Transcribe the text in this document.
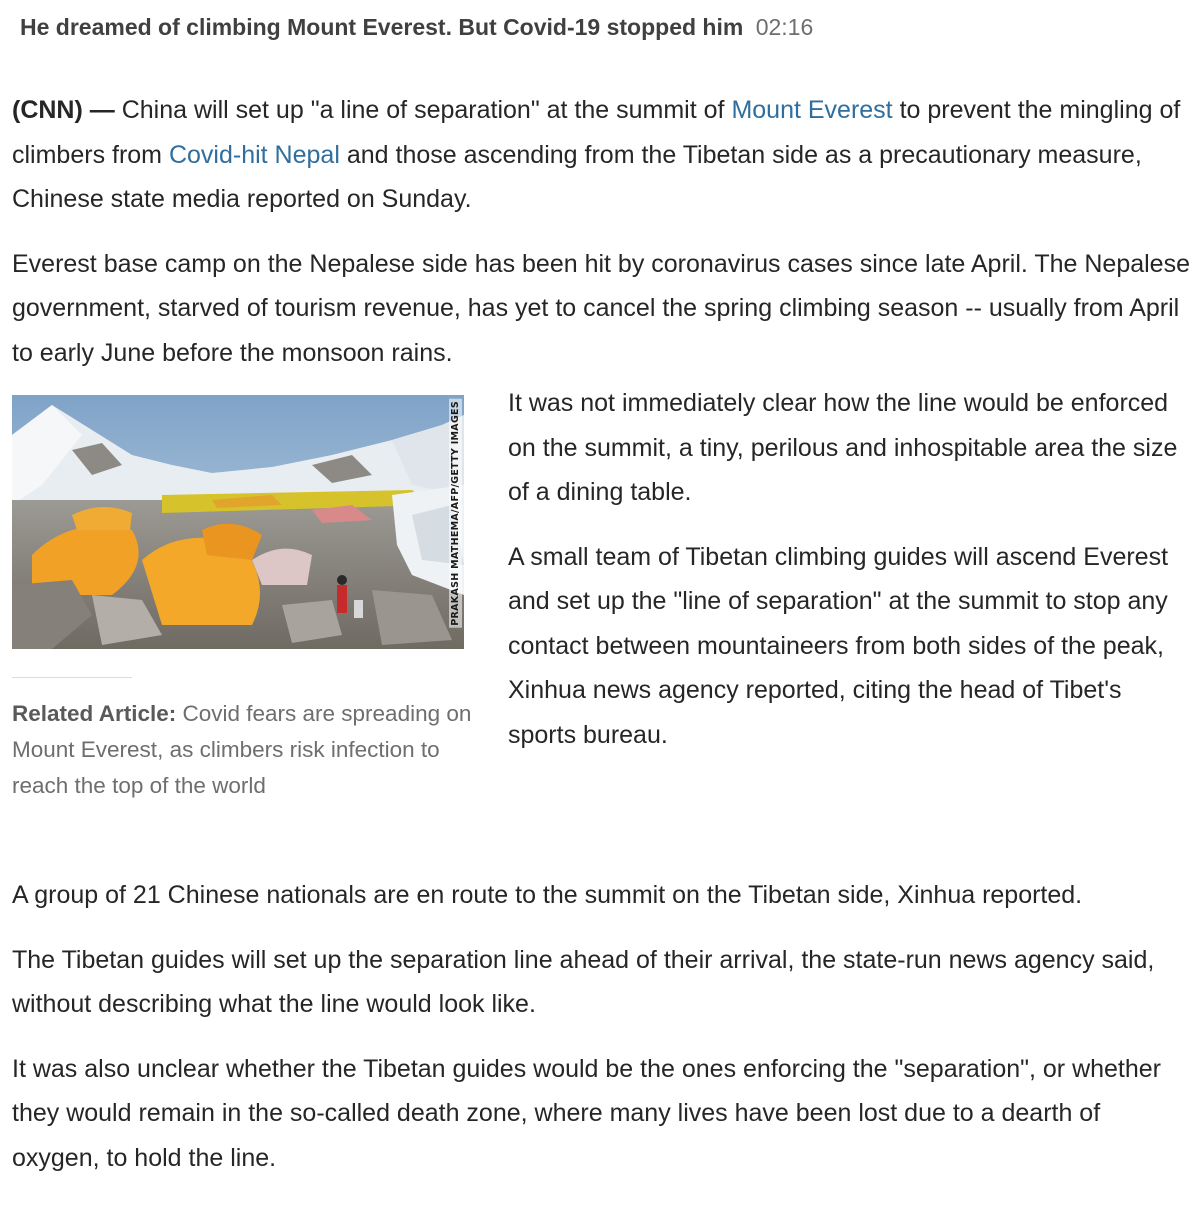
He dreamed of climbing Mount Everest. But Covid-19 stopped him 02:16

(CNN) — China will set up "a line of separation" at the summit of Mount Everest to prevent the mingling of climbers from Covid-hit Nepal and those ascending from the Tibetan side as a precautionary measure, Chinese state media reported on Sunday.

Everest base camp on the Nepalese side has been hit by coronavirus cases since late April. The Nepalese government, starved of tourism revenue, has yet to cancel the spring climbing season -- usually from April to early June before the monsoon rains.

PRAKASH MATHEMA/AFP/GETTY IMAGES
Related Article: Covid fears are spreading on Mount Everest, as climbers risk infection to reach the top of the world

It was not immediately clear how the line would be enforced on the summit, a tiny, perilous and inhospitable area the size of a dining table.

A small team of Tibetan climbing guides will ascend Everest and set up the "line of separation" at the summit to stop any contact between mountaineers from both sides of the peak, Xinhua news agency reported, citing the head of Tibet's sports bureau.

A group of 21 Chinese nationals are en route to the summit on the Tibetan side, Xinhua reported.

The Tibetan guides will set up the separation line ahead of their arrival, the state-run news agency said, without describing what the line would look like.

It was also unclear whether the Tibetan guides would be the ones enforcing the "separation", or whether they would remain in the so-called death zone, where many lives have been lost due to a dearth of oxygen, to hold the line.
